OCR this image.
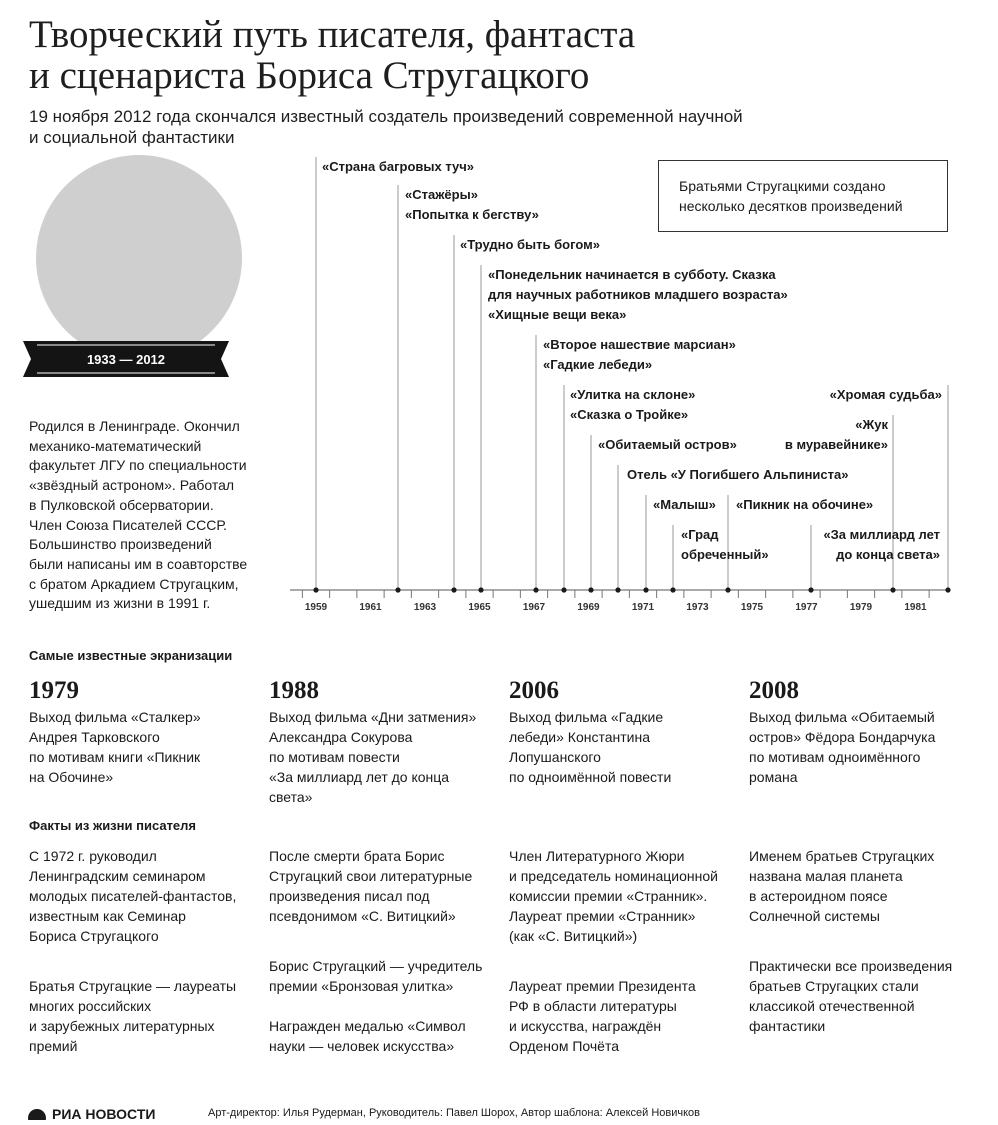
Творческий путь писателя, фантаста
и сценариста Бориса Стругацкого
19 ноября 2012 года скончался известный создатель произведений современной научной
и социальной фантастики
1933 — 2012
Родился в Ленинграде. Окончил
механико-математический
факультет ЛГУ по специальности
«звёздный астроном». Работал
в Пулковской обсерватории.
Член Союза Писателей СССР.
Большинство произведений
были написаны им в соавторстве
с братом Аркадием Стругацким,
ушедшим из жизни в 1991 г.
Братьями Стругацкими создано
несколько десятков произведений
1959	1961	1963	1965	1967	1969	1971	1973	1975	1977	1979	1981
«Страна багровых туч»
«Стажёры»
«Попытка к бегству»
«Трудно быть богом»
«Понедельник начинается в субботу. Сказка
для научных работников младшего возраста»
«Хищные вещи века»
«Второе нашествие марсиан»
«Гадкие лебеди»
«Улитка на склоне»
«Сказка о Тройке»
«Обитаемый остров»
Отель «У Погибшего Альпиниста»
«Малыш»
«Град
обреченный»
«Пикник на обочине»
«За миллиард лет
до конца света»
«Жук
в муравейнике»
«Хромая судьба»
Самые известные экранизации
1979
Выход фильма «Сталкер»
Андрея Тарковского
по мотивам книги «Пикник
на Обочине»
1988
Выход фильма «Дни затмения»
Александра Сокурова
по мотивам повести
«За миллиард лет до конца
света»
2006
Выход фильма «Гадкие
лебеди» Константина
Лопушанского
по одноимённой повести
2008
Выход фильма «Обитаемый
остров» Фёдора Бондарчука
по мотивам одноимённого
романа
Факты из жизни писателя
С 1972 г. руководил
Ленинградским семинаром
молодых писателей-фантастов,
известным как Семинар
Бориса Стругацкого
Братья Стругацкие — лауреаты
многих российских
и зарубежных литературных
премий
После смерти брата Борис
Стругацкий свои литературные
произведения писал под
псевдонимом «С. Витицкий»
Борис Стругацкий — учредитель
премии «Бронзовая улитка»
Награжден медалью «Символ
науки — человек искусства»
Член Литературного Жюри
и председатель номинационной
комиссии премии «Странник».
Лауреат премии «Странник»
(как «С. Витицкий»)
Лауреат премии Президента
РФ в области литературы
и искусства, награждён
Орденом Почёта
Именем братьев Стругацких
названа малая планета
в астероидном поясе
Солнечной системы
Практически все произведения
братьев Стругацких стали
классикой отечественной
фантастики
РИА НОВОСТИ	Арт-директор: Илья Рудерман, Руководитель: Павел Шорох, Автор шаблона: Алексей Новичков
